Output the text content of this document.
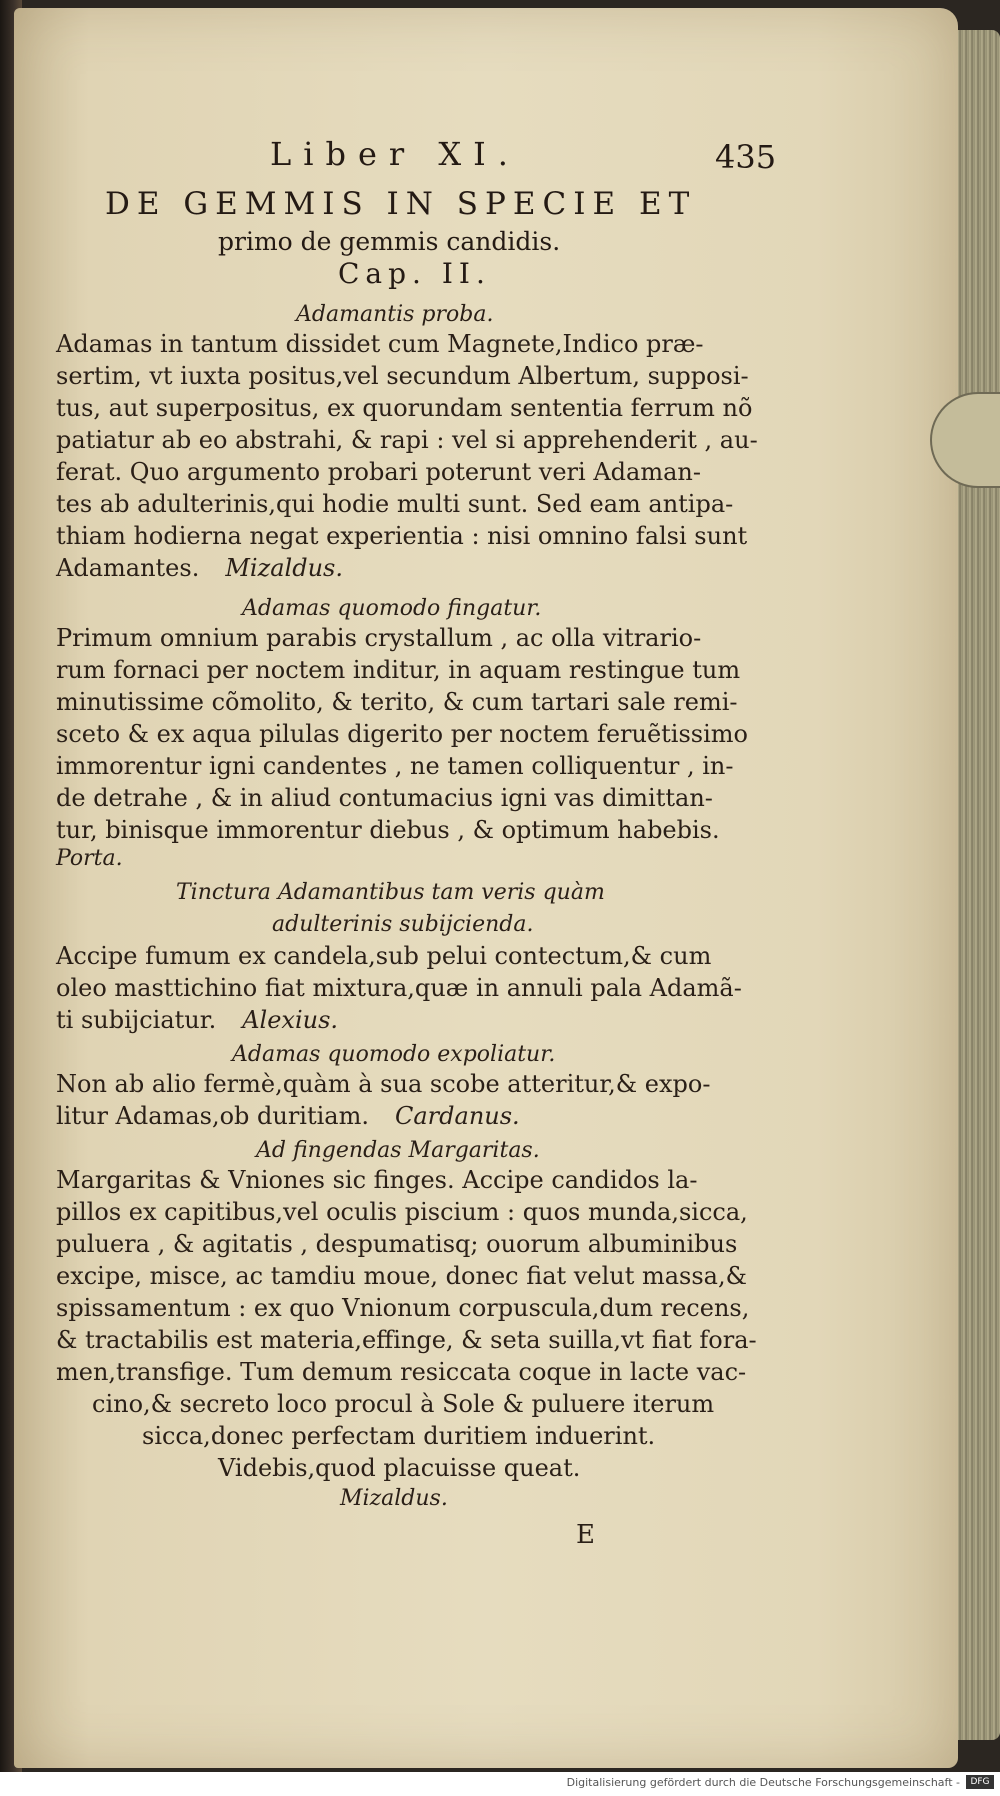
Liber XI.	435
DE GEMMIS IN SPECIE ET
primo de gemmis candidis.
Cap. II.
Adamantis proba.
Adamas in tantum dissidet cum Magnete,Indico præ-
sertim, vt iuxta positus,vel secundum Albertum, supposi-
tus, aut superpositus, ex quorundam sententia ferrum nõ
patiatur ab eo abstrahi, & rapi : vel si apprehenderit , au-
ferat. Quo argumento probari poterunt veri Adaman-
tes ab adulterinis,qui hodie multi sunt. Sed eam antipa-
thiam hodierna negat experientia : nisi omnino falsi sunt
Adamantes. Mizaldus.
Adamas quomodo fingatur.
Primum omnium parabis crystallum , ac olla vitrario-
rum fornaci per noctem inditur, in aquam restingue tum
minutissime cõmolito, & terito, & cum tartari sale remi-
sceto & ex aqua pilulas digerito per noctem feruẽtissimo
immorentur igni candentes , ne tamen colliquentur , in-
de detrahe , & in aliud contumacius igni vas dimittan-
tur, binisque immorentur diebus , & optimum habebis.
Porta.
Tinctura Adamantibus tam veris quàm
adulterinis subijcienda.
Accipe fumum ex candela,sub pelui contectum,& cum
oleo masttichino fiat mixtura,quæ in annuli pala Adamã-
ti subijciatur. Alexius.
Adamas quomodo expoliatur.
Non ab alio fermè,quàm à sua scobe atteritur,& expo-
litur Adamas,ob duritiam. Cardanus.
Ad fingendas Margaritas.
Margaritas & Vniones sic finges. Accipe candidos la-
pillos ex capitibus,vel oculis piscium : quos munda,sicca,
puluera , & agitatis , despumatisq; ouorum albuminibus
excipe, misce, ac tamdiu moue, donec fiat velut massa,&
spissamentum : ex quo Vnionum corpuscula,dum recens,
& tractabilis est materia,effinge, & seta suilla,vt fiat fora-
men,transfige. Tum demum resiccata coque in lacte vac-
cino,& secreto loco procul à Sole & puluere iterum
sicca,donec perfectam duritiem induerint.
Videbis,quod placuisse queat.
Mizaldus.
E
Digitalisierung gefördert durch die Deutsche Forschungsgemeinschaft -	DFG
